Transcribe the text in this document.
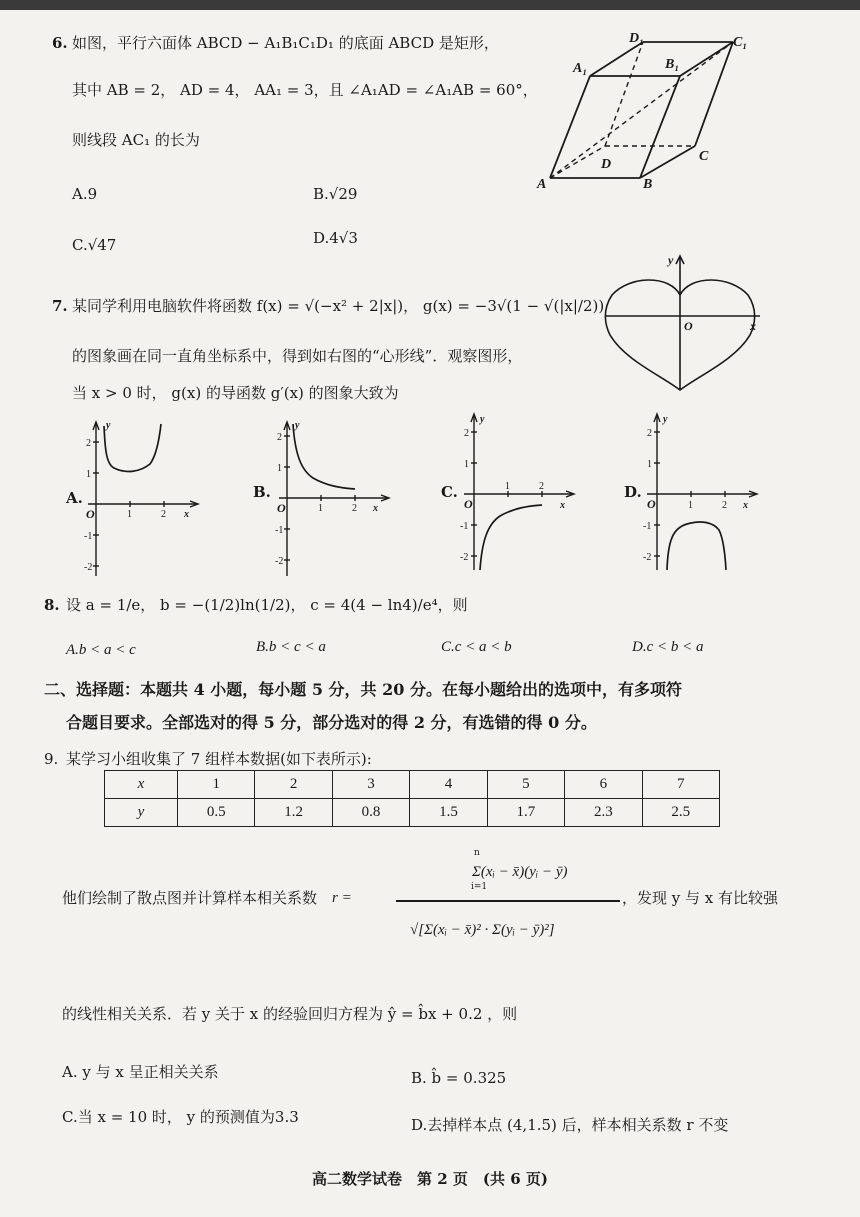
6. 如图，平行六面体 ABCD − A₁B₁C₁D₁ 的底面 ABCD 是矩形，
其中 AB = 2， AD = 4， AA₁ = 3，且 ∠A₁AD = ∠A₁AB = 60°，
则线段 AC₁ 的长为
A.9	B.√29
C.√47	D.4√3
A	B
C
D
A₁	B₁
C₁
D₁
7. 某同学利用电脑软件将函数 f(x) = √(−x² + 2|x|)， g(x) = −3√(1 − √(|x|/2))
的图象画在同一直角坐标系中，得到如右图的“心形线”．观察图形，
当 x > 0 时， g(x) 的导函数 g′(x) 的图象大致为
y
O	x
A.	B.	C.	D.
y
2
1
O
-1
-2
1	2 x
y
2
1
O
-1
-2
1	2 x
y
2
1
O
-1
-2
1	2
x
y
2
1
O
-1
-2
1	2 x
8. 设 a = 1/e， b = −(1/2)ln(1/2)， c = 4(4 − ln4)/e⁴，则
A.b < a < c	B.b < c < a	C.c < a < b	D.c < b < a
二、选择题：本题共 4 小题，每小题 5 分，共 20 分。在每小题给出的选项中，有多项符
合题目要求。全部选对的得 5 分，部分选对的得 2 分，有选错的得 0 分。
9. 某学习小组收集了 7 组样本数据(如下表所示):
x	1	2	3	4	5	6	7
y	0.5	1.2	0.8	1.5	1.7	2.3	2.5
他们绘制了散点图并计算样本相关系数 r =
Σ(xᵢ − x̄)(yᵢ − ȳ)
n
i=1
√[Σ(xᵢ − x̄)² · Σ(yᵢ − ȳ)²]
，发现 y 与 x 有比较强
的线性相关关系．若 y 关于 x 的经验回归方程为 ŷ = b̂x + 0.2 ，则
A. y 与 x 呈正相关关系	B. b̂ = 0.325
C.当 x = 10 时， y 的预测值为3.3	D.去掉样本点 (4,1.5) 后，样本相关系数 r 不变
高二数学试卷　第 2 页　(共 6 页)
